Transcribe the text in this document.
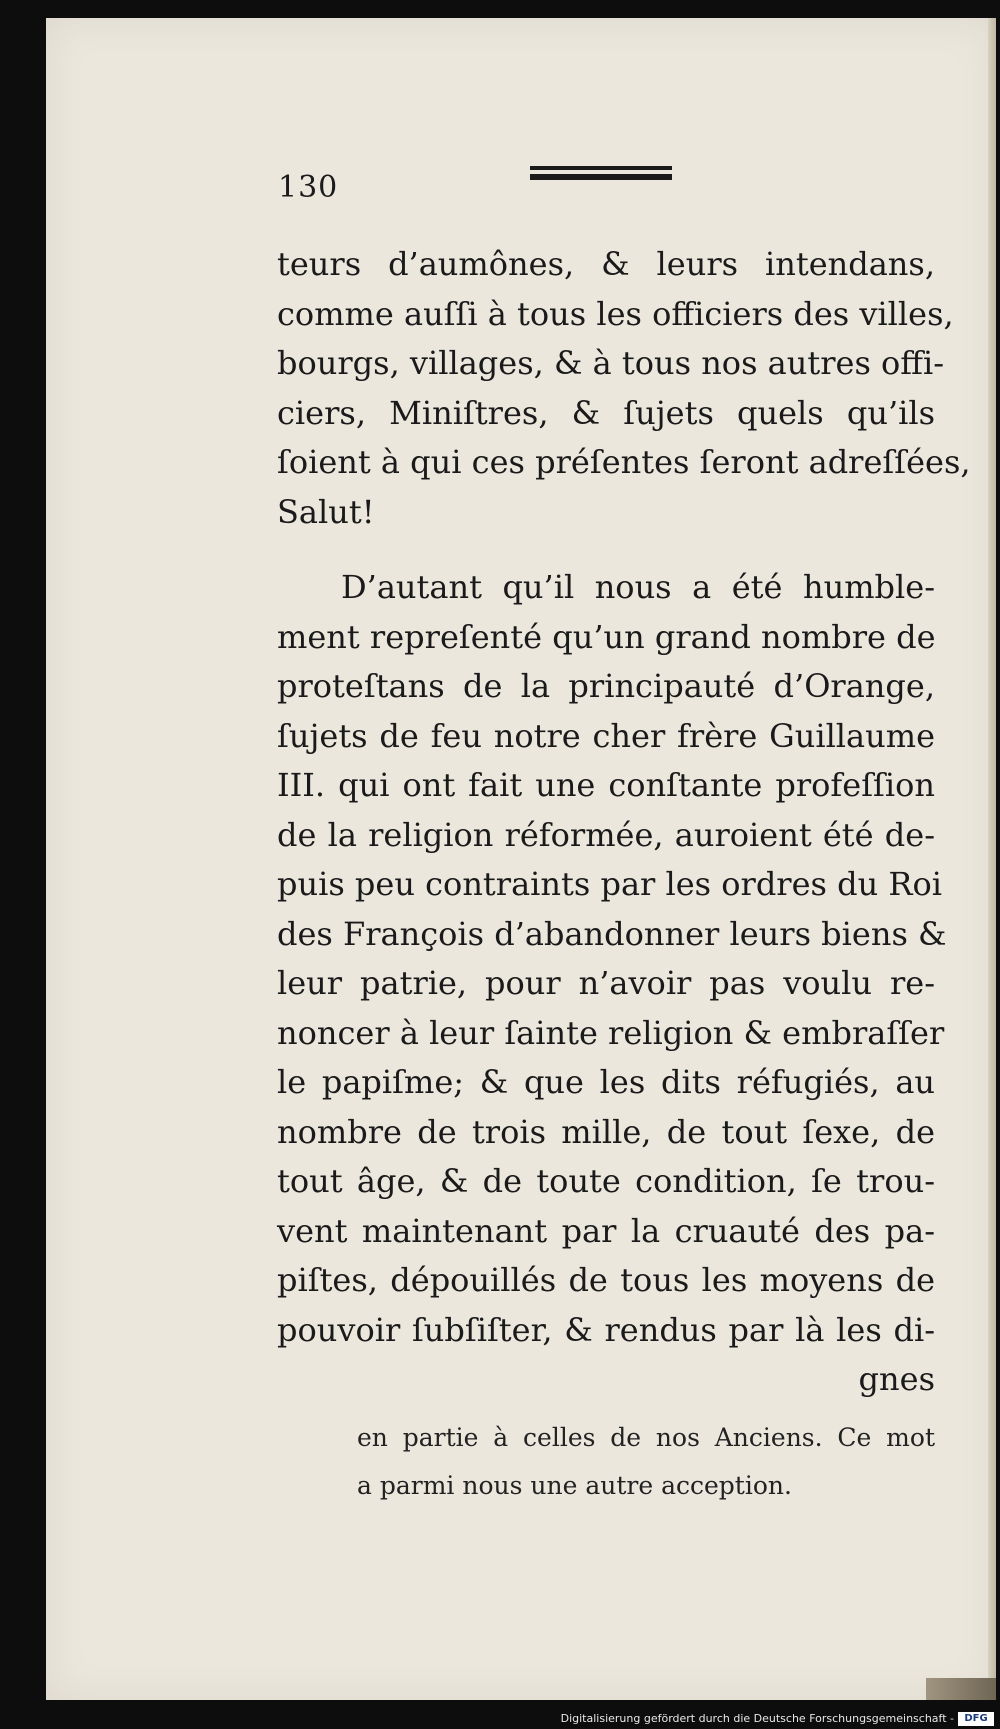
130
teurs d’aumônes, & leurs intendans,
comme auſſi à tous les officiers des villes,
bourgs, villages, & à tous nos autres offi-
ciers, Miniſtres, & ſujets quels qu’ils
ſoient à qui ces préſentes ſeront adreſſées,
Salut!
D’autant qu’il nous a été humble-
ment repreſenté qu’un grand nombre de
proteſtans de la principauté d’Orange,
ſujets de feu notre cher frère Guillaume
III. qui ont fait une conſtante profeſſion
de la religion réformée, auroient été de-
puis peu contraints par les ordres du Roi
des François d’abandonner leurs biens &
leur patrie, pour n’avoir pas voulu re-
noncer à leur ſainte religion & embraſſer
le papiſme; & que les dits réfugiés, au
nombre de trois mille, de tout ſexe, de
tout âge, & de toute condition, ſe trou-
vent maintenant par la cruauté des pa-
piſtes, dépouillés de tous les moyens de
pouvoir ſubſiſter, & rendus par là les di-
gnes
en partie à celles de nos Anciens. Ce mot
a parmi nous une autre acception.
Digitalisierung gefördert durch die Deutsche Forschungsgemeinschaft -	DFG
